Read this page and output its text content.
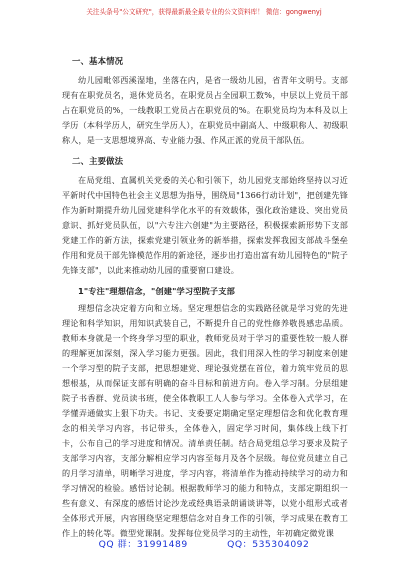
关注头条号"公文研究"，获得最新最全最专业的公文资料库！ 微信：gongwenyj
一、基本情况

幼儿园毗邻西溪湿地，坐落在内，是省一级幼儿园，省青年文明号。支部现有在职党员名，退休党员名，在职党员占全园职工数%，中层以上党员干部占在职党员的%，一线教职工党员占在职党员的%。在职党员均为本科及以上学历（本科学历人，研究生学历人），在职党员中副高人、中级职称人、初级职称人，是一支思想境界高、专业能力强、作风正派的党员干部队伍。

二、主要做法

在局党组、直属机关党委的关心和引领下，幼儿园党支部始终坚持以习近平新时代中国特色社会主义思想为指导，围绕局"1366行动计划"，把创建先锋作为新时期提升幼儿园党建科学化水平的有效载体，强化政治建设、突出党员意识、抓好党员队伍，以"六专注六创建"为主要路径，积极探索新形势下支部党建工作的新方法，探索党建引领业务的新举措，探索发挥我园支部战斗堡垒作用和党员干部先锋模范作用的新途径，逐步出打造出富有幼儿园特色的"院子先锋支部"，以此来推动幼儿园的重要窗口建设。

1"专注"理想信念，"创建"学习型院子支部

理想信念决定着方向和立场。坚定理想信念的实践路径就是学习党的先进理论和科学知识，用知识武装自己，不断提升自己的党性修养敬畏感忠品质。教师本身就是一个终身学习型的职业，教师党员对于学习的重要性较一般人群的理解更加深刻，深入学习能力更强。因此，我们用深入性的学习制度来创建一个学习型的院子支部，把思想建党、理论强党摆在首位，着力筑牢党员的思想根基，从而保证支部有明确的奋斗目标和前进方向。卷入学习制。分层组建院子书香群、党员读书班，使全体教职工人人参与学习。全体卷入式学习，在学懂弄通做实上狠下功夫。书记、支委要定期确定坚定理想信念和优化教育理念的相关学习内容，书记带头，全体卷入，固定学习时间，集体线上线下打卡，公布自己的学习进度和情况。清单责任制。结合局党组总学习要求及院子支部学习内容，支部分解相应学习内容至每月及各个层级。每位党员建立自己的月学习清单，明晰学习进度，学习内容，将清单作为推动持续学习的动力和学习情况的检验。感悟讨论制。根据教师学习的能力和特点，支部定期组织一些有意义、有深度的感悟讨论沙龙或经典语录朗诵谈讲等，以党小组形式或者全体形式开展，内容围绕坚定理想信念对自身工作的引领，学习成果在教育工作上的转化等。微型党课制。发挥每位党员学习的主动性，年初确定微党课

QQ 群：31991489	QQ：535304092
